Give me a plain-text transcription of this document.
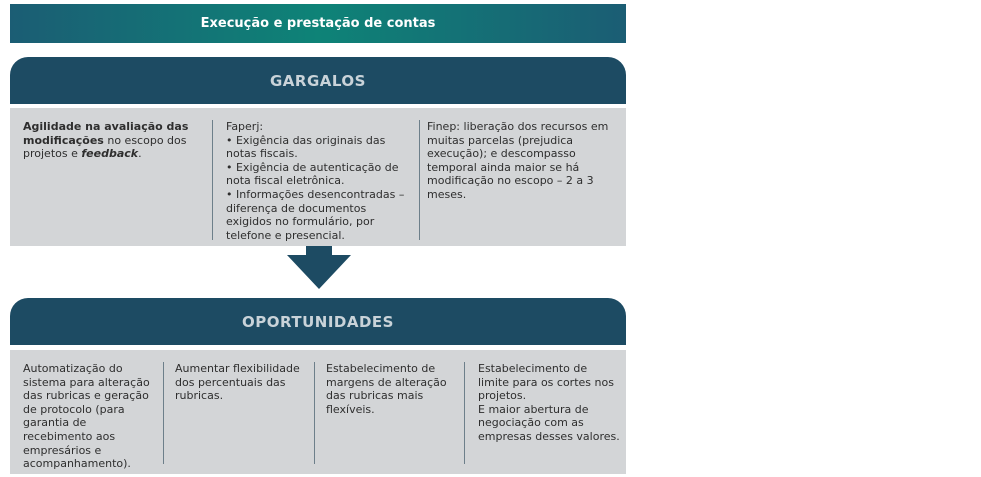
Execução e prestação de contas
GARGALOS
Agilidade na avaliação das modificações no escopo dos projetos e feedback.
Faperj:
• Exigência das originais das notas fiscais.
• Exigência de autenticação de nota fiscal eletrônica.
• Informações desencontradas – diferença de documentos exigidos no formulário, por telefone e presencial.
Finep: liberação dos recursos em muitas parcelas (prejudica execução); e descompasso temporal ainda maior se há modificação no escopo – 2 a 3 meses.
OPORTUNIDADES
Automatização do sistema para alteração das rubricas e geração de protocolo (para garantia de recebimento aos empresários e acompanhamento).
Aumentar flexibilidade dos percentuais das rubricas.
Estabelecimento de margens de alteração das rubricas mais flexíveis.
Estabelecimento de limite para os cortes nos projetos.
E maior abertura de negociação com as empresas desses valores.
